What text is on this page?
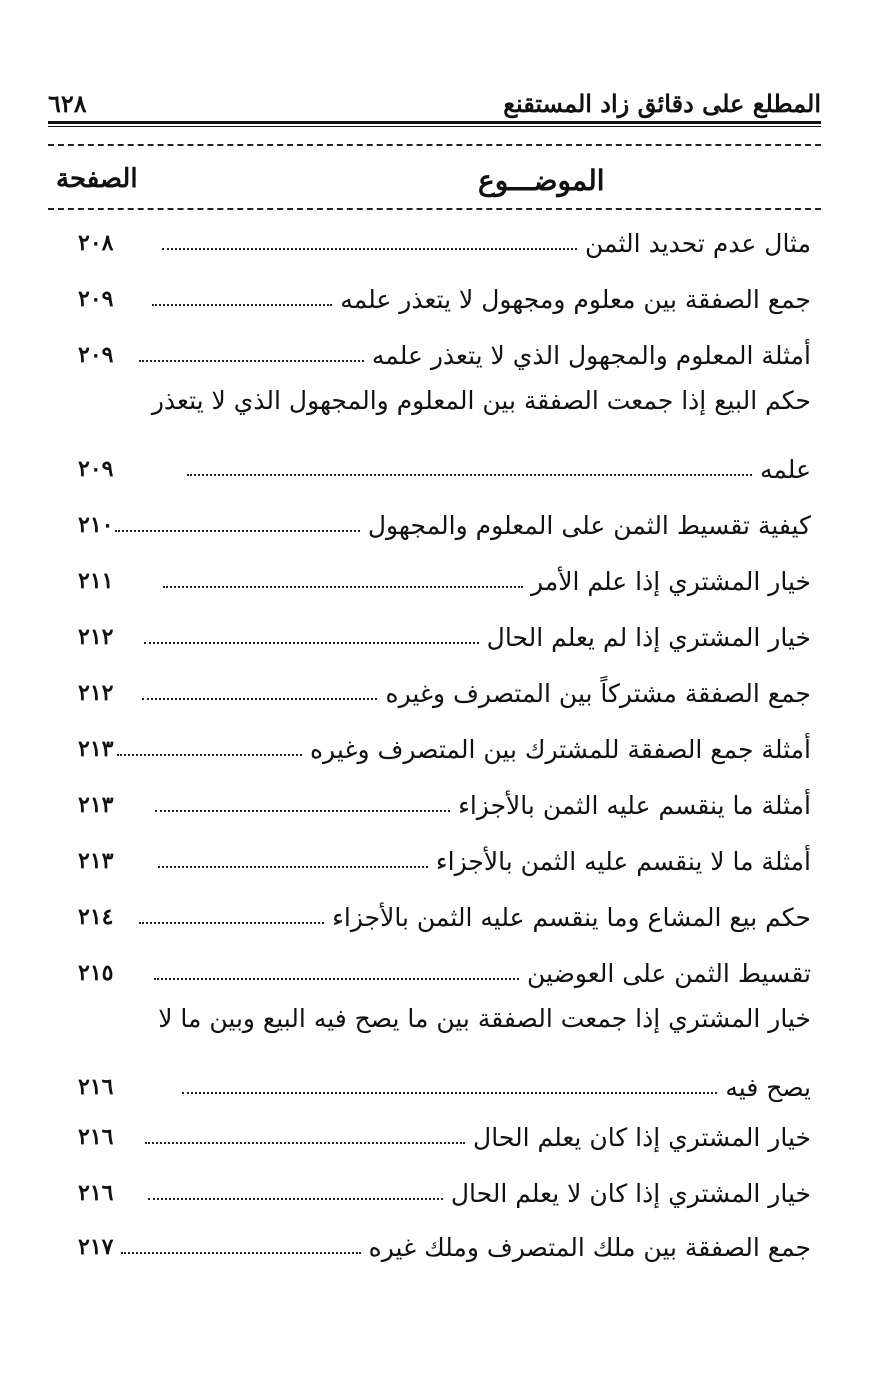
٦٢٨	المطلع على دقائق زاد المستقنع
الصفحة	الموضـــوع
٢٠٨	مثال عدم تحديد الثمن
٢٠٩	جمع الصفقة بين معلوم ومجهول لا يتعذر علمه
٢٠٩	أمثلة المعلوم والمجهول الذي لا يتعذر علمه
حكم البيع إذا جمعت الصفقة بين المعلوم والمجهول الذي لا يتعذر
٢٠٩	علمه
٢١٠	كيفية تقسيط الثمن على المعلوم والمجهول
٢١١	خيار المشتري إذا علم الأمر
٢١٢	خيار المشتري إذا لم يعلم الحال
٢١٢	جمع الصفقة مشتركاً بين المتصرف وغيره
٢١٣	أمثلة جمع الصفقة للمشترك بين المتصرف وغيره
٢١٣	أمثلة ما ينقسم عليه الثمن بالأجزاء
٢١٣	أمثلة ما لا ينقسم عليه الثمن بالأجزاء
٢١٤	حكم بيع المشاع وما ينقسم عليه الثمن بالأجزاء
٢١٥	تقسيط الثمن على العوضين
خيار المشتري إذا جمعت الصفقة بين ما يصح فيه البيع وبين ما لا
٢١٦	يصح فيه
٢١٦	خيار المشتري إذا كان يعلم الحال
٢١٦	خيار المشتري إذا كان لا يعلم الحال
٢١٧	جمع الصفقة بين ملك المتصرف وملك غيره
